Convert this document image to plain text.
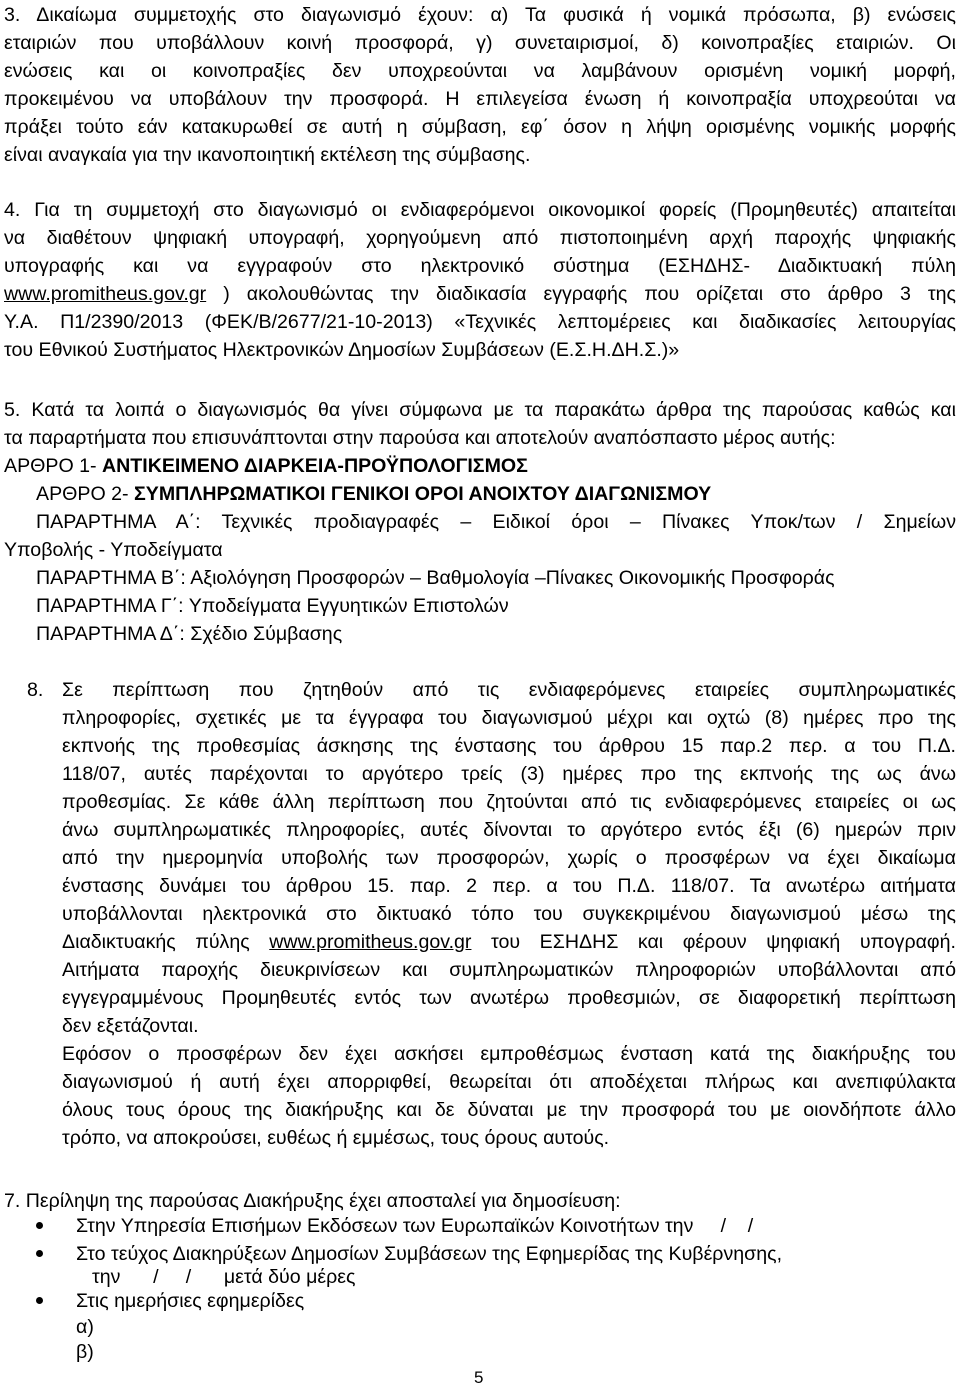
3. Δικαίωμα συμμετοχής στο διαγωνισμό έχουν: α) Τα φυσικά ή νομικά πρόσωπα, β) ενώσεις
εταιριών που υποβάλλουν κοινή προσφορά, γ) συνεταιρισμοί, δ) κοινοπραξίες εταιριών. Οι
ενώσεις και οι κοινοπραξίες δεν υποχρεούνται να λαμβάνουν ορισμένη νομική μορφή,
προκειμένου να υποβάλουν την προσφορά. Η επιλεγείσα ένωση ή κοινοπραξία υποχρεούται να
πράξει τούτο εάν κατακυρωθεί σε αυτή η σύμβαση, εφ΄ όσον η λήψη ορισμένης νομικής μορφής
είναι αναγκαία για την ικανοποιητική εκτέλεση της σύμβασης.
4. Για τη συμμετοχή στο διαγωνισμό οι ενδιαφερόμενοι οικονομικοί φορείς (Προμηθευτές) απαιτείται
να διαθέτουν ψηφιακή υπογραφή, χορηγούμενη από πιστοποιημένη αρχή παροχής ψηφιακής
υπογραφής και να εγγραφούν στο ηλεκτρονικό σύστημα (ΕΣΗΔΗΣ- Διαδικτυακή πύλη
www.promitheus.gov.gr ) ακολουθώντας την διαδικασία εγγραφής που ορίζεται στο άρθρο 3 της
Υ.Α. Π1/2390/2013 (ΦΕΚ/Β/2677/21-10-2013) «Τεχνικές λεπτομέρειες και διαδικασίες λειτουργίας
του Εθνικού Συστήματος Ηλεκτρονικών Δημοσίων Συμβάσεων (Ε.Σ.Η.ΔΗ.Σ.)»
5. Κατά τα λοιπά ο διαγωνισμός θα γίνει σύμφωνα με τα παρακάτω άρθρα της παρούσας καθώς και
τα παραρτήματα που επισυνάπτονται στην παρούσα και αποτελούν αναπόσπαστο μέρος αυτής:
ΑΡΘΡΟ 1- ΑΝΤΙΚΕΙΜΕΝΟ ΔΙΑΡΚΕΙΑ-ΠΡΟΫΠΟΛΟΓΙΣΜΟΣ
ΑΡΘΡΟ 2- ΣΥΜΠΛΗΡΩΜΑΤΙΚΟΙ ΓΕΝΙΚΟΙ ΟΡΟΙ ΑΝΟΙΧΤΟΥ ΔΙΑΓΩΝΙΣΜΟΥ
ΠΑΡΑΡΤΗΜΑ Α΄: Τεχνικές προδιαγραφές – Ειδικοί όροι – Πίνακες Υποκ/των / Σημείων
Υποβολής - Υποδείγματα
ΠΑΡΑΡΤΗΜΑ Β΄: Αξιολόγηση Προσφορών – Βαθμολογία –Πίνακες Οικονομικής Προσφοράς
ΠΑΡΑΡΤΗΜΑ Γ΄: Υποδείγματα Εγγυητικών Επιστολών
ΠΑΡΑΡΤΗΜΑ Δ΄: Σχέδιο Σύμβασης
8. Σε περίπτωση που ζητηθούν από τις ενδιαφερόμενες εταιρείες συμπληρωματικές
πληροφορίες, σχετικές με τα έγγραφα του διαγωνισμού μέχρι και οχτώ (8) ημέρες προ της
εκπνοής της προθεσμίας άσκησης της ένστασης του άρθρου 15 παρ.2 περ. α του Π.Δ.
118/07, αυτές παρέχονται το αργότερο τρείς (3) ημέρες προ της εκπνοής της ως άνω
προθεσμίας. Σε κάθε άλλη περίπτωση που ζητούνται από τις ενδιαφερόμενες εταιρείες οι ως
άνω συμπληρωματικές πληροφορίες, αυτές δίνονται το αργότερο εντός έξι (6) ημερών πριν
από την ημερομηνία υποβολής των προσφορών, χωρίς ο προσφέρων να έχει δικαίωμα
ένστασης δυνάμει του άρθρου 15. παρ. 2 περ. α του Π.Δ. 118/07. Τα ανωτέρω αιτήματα
υποβάλλονται ηλεκτρονικά στο δικτυακό τόπο του συγκεκριμένου διαγωνισμού μέσω της
Διαδικτυακής πύλης www.promitheus.gov.gr του ΕΣΗΔΗΣ και φέρουν ψηφιακή υπογραφή.
Αιτήματα παροχής διευκρινίσεων και συμπληρωματικών πληροφοριών υποβάλλονται από
εγγεγραμμένους Προμηθευτές εντός των ανωτέρω προθεσμιών, σε διαφορετική περίπτωση
δεν εξετάζονται.
Εφόσον ο προσφέρων δεν έχει ασκήσει εμπροθέσμως ένσταση κατά της διακήρυξης του
διαγωνισμού ή αυτή έχει απορριφθεί, θεωρείται ότι αποδέχεται πλήρως και ανεπιφύλακτα
όλους τους όρους της διακήρυξης και δε δύναται με την προσφορά του με οιονδήποτε άλλο
τρόπο, να αποκρούσει, ευθέως ή εμμέσως, τους όρους αυτούς.
7. Περίληψη της παρούσας Διακήρυξης έχει αποσταλεί για δημοσίευση:
Στην Υπηρεσία Επισήμων Εκδόσεων των Ευρωπαϊκών Κοινοτήτων την     /    /
Στο τεύχος Διακηρύξεων Δημοσίων Συμβάσεων της Εφημερίδας της Κυβέρνησης,
την      /     /      μετά δύο μέρες
Στις ημερήσιες εφημερίδες
α)
β)
5
